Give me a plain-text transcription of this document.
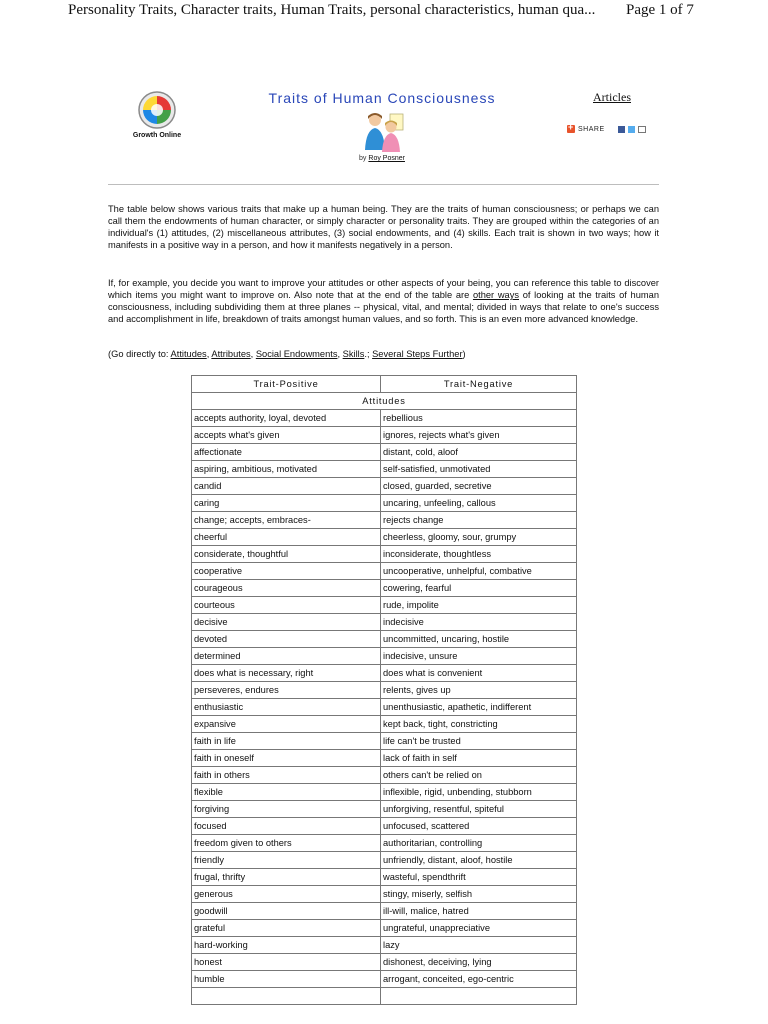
Personality Traits, Character traits, Human Traits, personal characteristics, human qua... Page 1 of 7
Growth Online
Traits of Human Consciousness
by Roy Posner
Articles
+
SHARE

The table below shows various traits that make up a human being. They are the traits of human consciousness; or perhaps we can call them the endowments of human character, or simply character or personality traits. They are grouped within the categories of an individual's (1) attitudes, (2) miscellaneous attributes, (3) social endowments, and (4) skills. Each trait is shown in two ways; how it manifests in a positive way in a person, and how it manifests negatively in a person.

If, for example, you decide you want to improve your attitudes or other aspects of your being, you can reference this table to discover which items you might want to improve on. Also note that at the end of the table are other ways of looking at the traits of human consciousness, including subdividing them at three planes -- physical, vital, and mental; divided in ways that relate to one's success and accomplishment in life, breakdown of traits amongst human values, and so forth. This is an even more advanced knowledge.

(Go directly to: Attitudes, Attributes, Social Endowments, Skills.; Several Steps Further)
Trait-Positive	Trait-Negative
Attitudes	
accepts authority, loyal, devoted	rebellious
accepts what's given	ignores, rejects what's given
affectionate	distant, cold, aloof
aspiring, ambitious, motivated	self-satisfied, unmotivated
candid	closed, guarded, secretive
caring	uncaring, unfeeling, callous
change; accepts, embraces-	rejects change
cheerful	cheerless, gloomy, sour, grumpy
considerate, thoughtful	inconsiderate, thoughtless
cooperative	uncooperative, unhelpful, combative
courageous	cowering, fearful
courteous	rude, impolite
decisive	indecisive
devoted	uncommitted, uncaring, hostile
determined	indecisive, unsure
does what is necessary, right	does what is convenient
perseveres, endures	relents, gives up
enthusiastic	unenthusiastic, apathetic, indifferent
expansive	kept back, tight, constricting
faith in life	life can't be trusted
faith in oneself	lack of faith in self
faith in others	others can't be relied on
flexible	inflexible, rigid, unbending, stubborn
forgiving	unforgiving, resentful, spiteful
focused	unfocused, scattered
freedom given to others	authoritarian, controlling
friendly	unfriendly, distant, aloof, hostile
frugal, thrifty	wasteful, spendthrift
generous	stingy, miserly, selfish
goodwill	ill-will, malice, hatred
grateful	ungrateful, unappreciative
hard-working	lazy
honest	dishonest, deceiving, lying
humble	arrogant, conceited, ego-centric
